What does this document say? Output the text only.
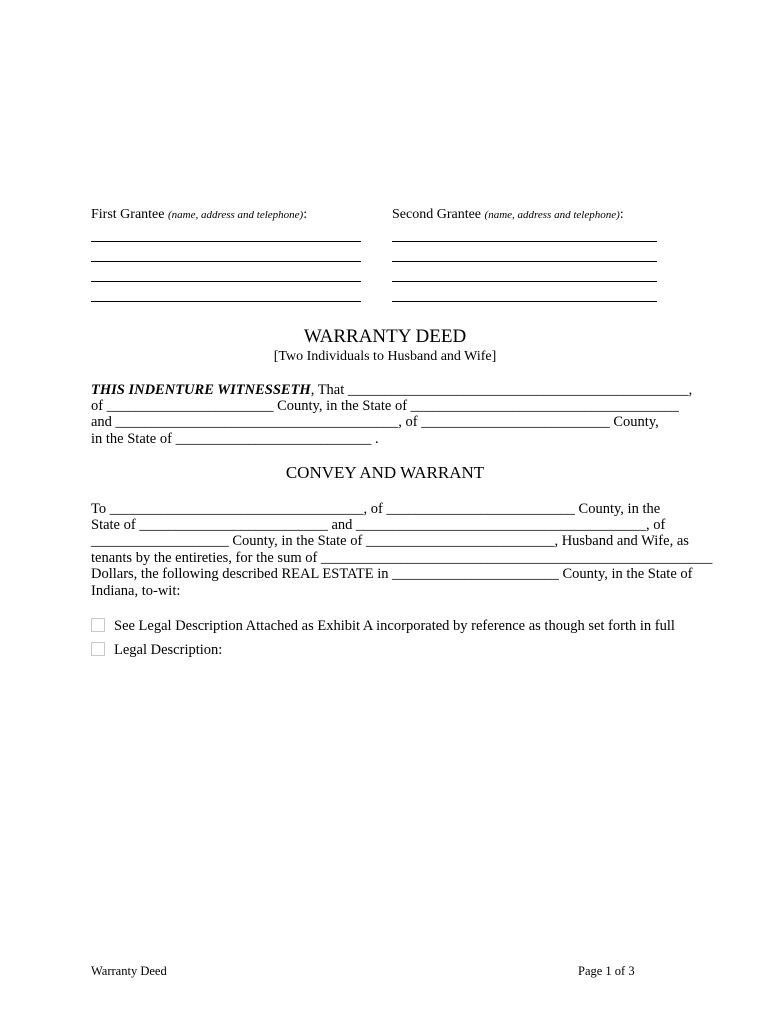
First Grantee (name, address and telephone):	Second Grantee (name, address and telephone):
WARRANTY DEED
[Two Individuals to Husband and Wife]
THIS INDENTURE WITNESSETH, That _______________________________________________,
of _______________________ County, in the State of _____________________________________
and _______________________________________, of __________________________ County,
in the State of ___________________________ .
CONVEY AND WARRANT
To ___________________________________, of __________________________ County, in the
State of __________________________ and ________________________________________, of
___________________ County, in the State of __________________________, Husband and Wife, as
tenants by the entireties, for the sum of ______________________________________________________
Dollars, the following described REAL ESTATE in _______________________ County, in the State of
Indiana, to-wit:
See Legal Description Attached as Exhibit A incorporated by reference as though set forth in full
Legal Description:
Warranty Deed	Page 1 of 3
